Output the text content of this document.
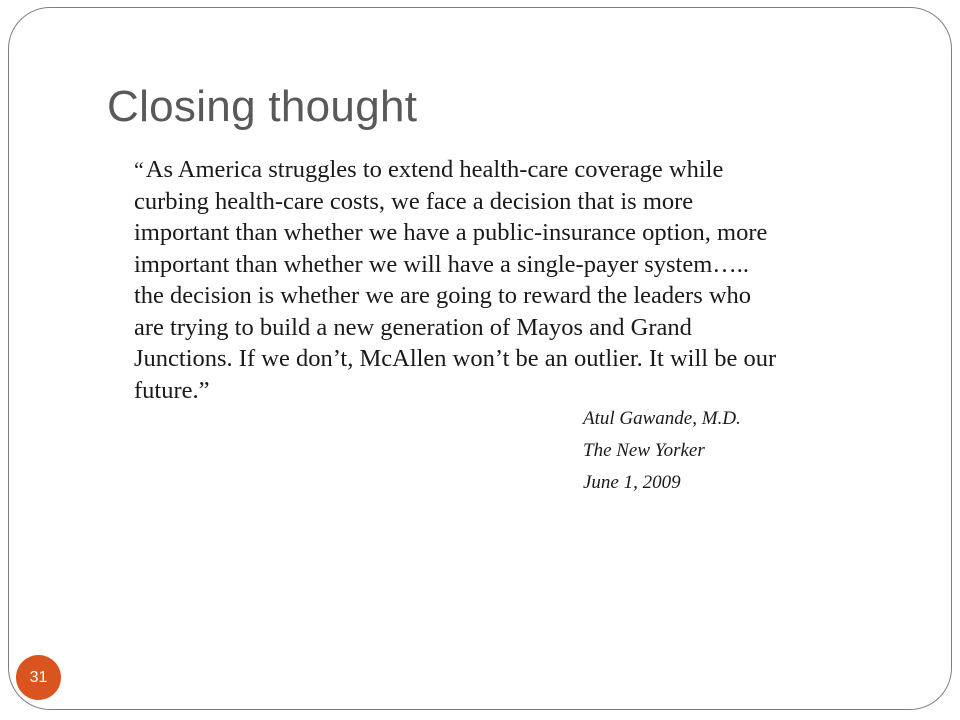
Closing thought

“As America struggles to extend health-care coverage while
curbing health-care costs, we face a decision that is more
important than whether we have a public-insurance option, more
important than whether we will have a single-payer system…..
the decision is whether we are going to reward the leaders who
are trying to build a new generation of Mayos and Grand
Junctions. If we don’t, McAllen won’t be an outlier. It will be our
future.”

Atul Gawande, M.D.

The New Yorker

June 1, 2009

31
